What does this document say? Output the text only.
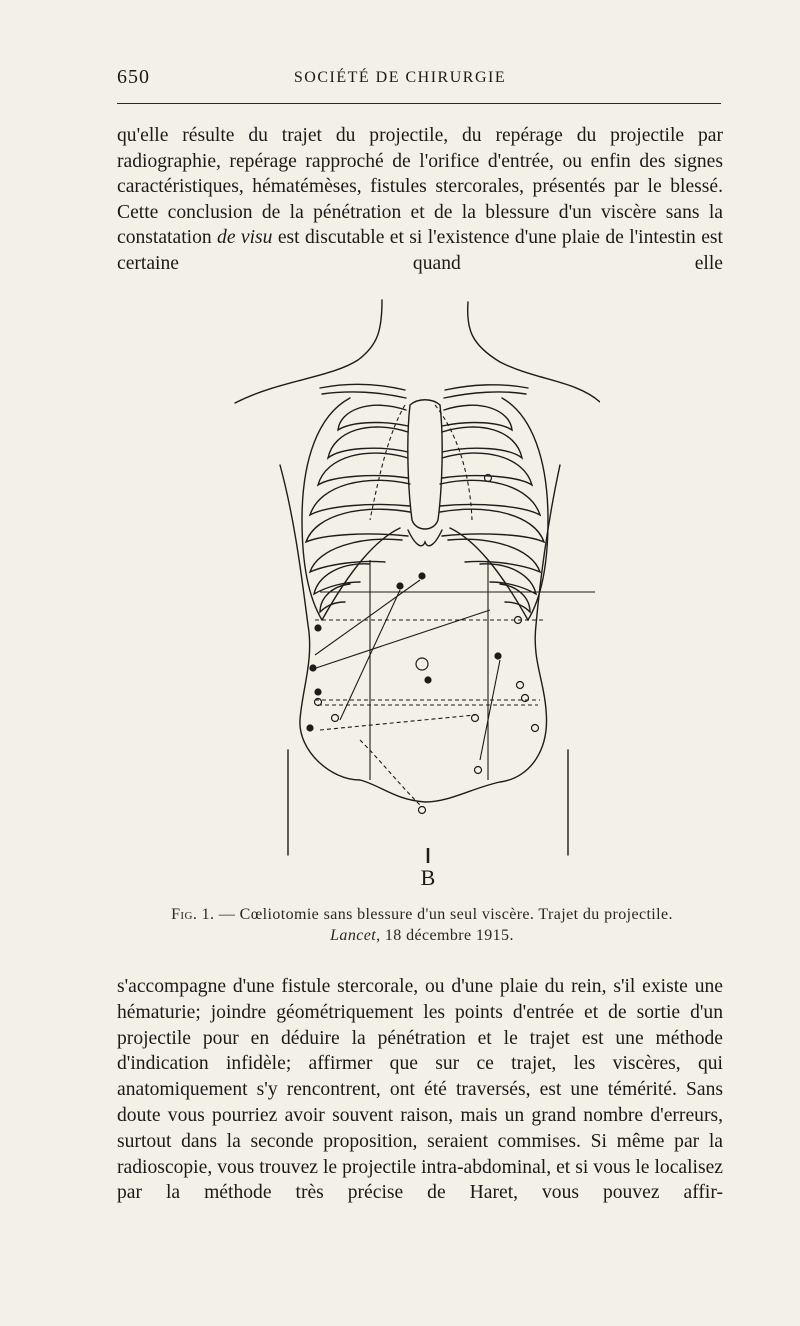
650	SOCIÉTÉ DE CHIRURGIE

qu'elle résulte du trajet du projectile, du repérage du projectile par radiographie, repérage rapproché de l'orifice d'entrée, ou enfin des signes caractéristiques, hématémèses, fistules stercorales, présentés par le blessé. Cette conclusion de la pénétration et de la blessure d'un viscère sans la constatation de visu est discutable et si l'existence d'une plaie de l'intestin est certaine quand elle

B
Fig. 1. — Cœliotomie sans blessure d'un seul viscère. Trajet du projectile.
Lancet, 18 décembre 1915.

s'accompagne d'une fistule stercorale, ou d'une plaie du rein, s'il existe une hématurie; joindre géométriquement les points d'entrée et de sortie d'un projectile pour en déduire la pénétration et le trajet est une méthode d'indication infidèle; affirmer que sur ce trajet, les viscères, qui anatomiquement s'y rencontrent, ont été traversés, est une témérité. Sans doute vous pourriez avoir souvent raison, mais un grand nombre d'erreurs, surtout dans la seconde proposition, seraient commises. Si même par la radioscopie, vous trouvez le projectile intra-abdominal, et si vous le localisez par la méthode très précise de Haret, vous pouvez affir-
